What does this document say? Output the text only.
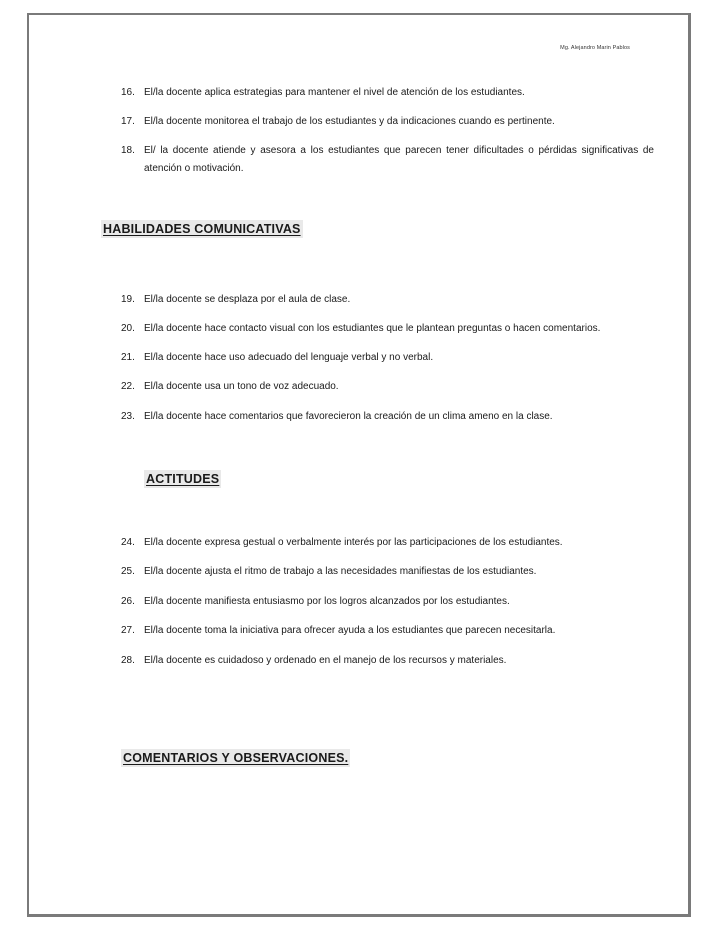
Mg. Alejandro Marin Pablos
16. El/la docente aplica estrategias para mantener el nivel de atención de los estudiantes.
17. El/la docente monitorea el trabajo de los estudiantes y da indicaciones cuando es pertinente.
18. El/ la docente atiende y asesora a los estudiantes que parecen tener dificultades o pérdidas significativas de atención o motivación.
HABILIDADES COMUNICATIVAS
19. El/la docente se desplaza por el aula de clase.
20. El/la docente hace contacto visual con los estudiantes que le plantean preguntas o hacen comentarios.
21. El/la docente hace uso adecuado del lenguaje verbal y no verbal.
22. El/la docente usa un tono de voz adecuado.
23. El/la docente hace comentarios que favorecieron la creación de un clima ameno en la clase.
ACTITUDES
24. El/la docente expresa gestual o verbalmente interés por las participaciones de los estudiantes.
25. El/la docente ajusta el ritmo de trabajo a las necesidades manifiestas de los estudiantes.
26. El/la docente manifiesta entusiasmo por los logros alcanzados por los estudiantes.
27. El/la docente toma la iniciativa para ofrecer ayuda a los estudiantes que parecen necesitarla.
28. El/la docente es cuidadoso y ordenado en el manejo de los recursos y materiales.
COMENTARIOS Y OBSERVACIONES.
